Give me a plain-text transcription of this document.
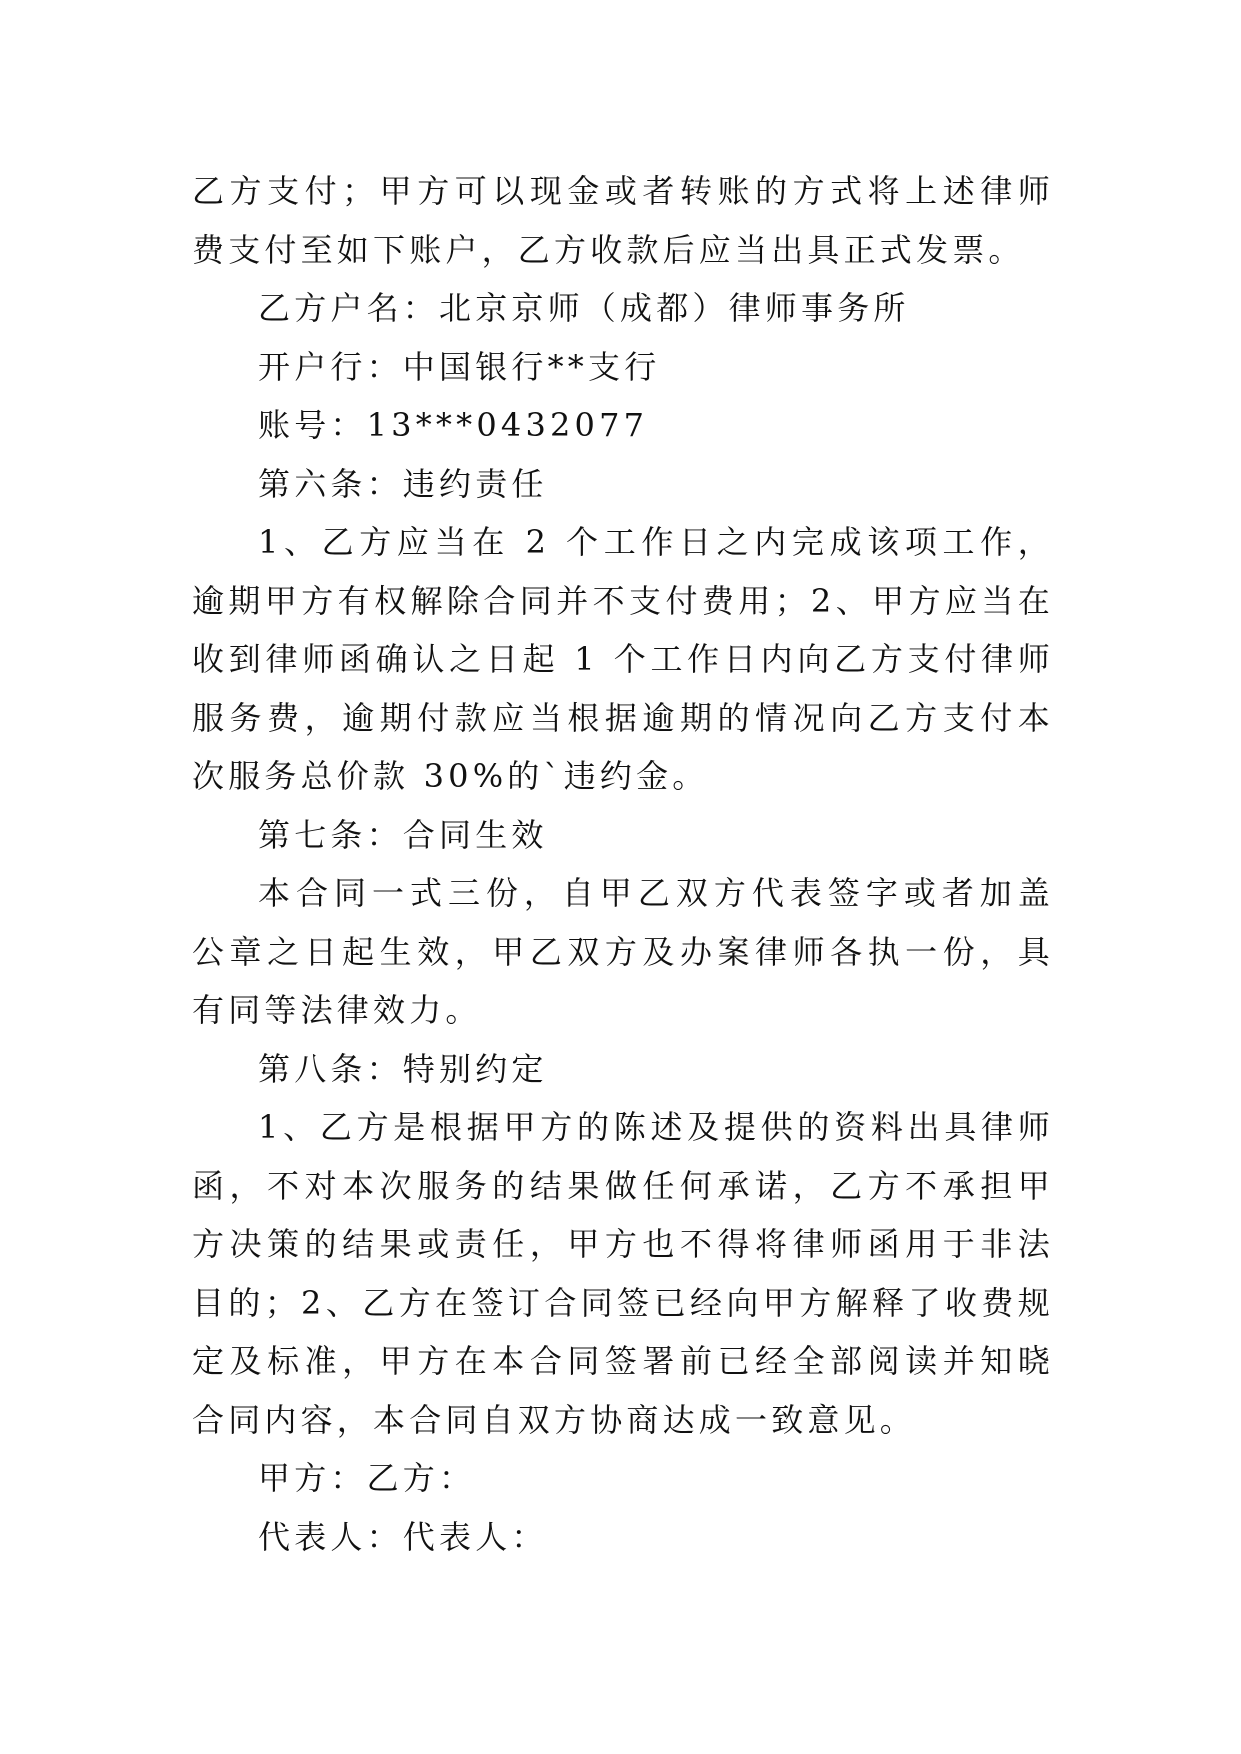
乙方支付；甲方可以现金或者转账的方式将上述律师费支付至如下账户，乙方收款后应当出具正式发票。

乙方户名：北京京师（成都）律师事务所

开户行：中国银行**支行

账号：13***0432077

第六条：违约责任

1、乙方应当在 2 个工作日之内完成该项工作，逾期甲方有权解除合同并不支付费用；2、甲方应当在收到律师函确认之日起 1 个工作日内向乙方支付律师服务费，逾期付款应当根据逾期的情况向乙方支付本次服务总价款 30%的`违约金。

第七条：合同生效

本合同一式三份，自甲乙双方代表签字或者加盖公章之日起生效，甲乙双方及办案律师各执一份，具有同等法律效力。

第八条：特别约定

1、乙方是根据甲方的陈述及提供的资料出具律师函，不对本次服务的结果做任何承诺，乙方不承担甲方决策的结果或责任，甲方也不得将律师函用于非法目的；2、乙方在签订合同签已经向甲方解释了收费规定及标准，甲方在本合同签署前已经全部阅读并知晓合同内容，本合同自双方协商达成一致意见。

甲方：乙方：

代表人：代表人：
